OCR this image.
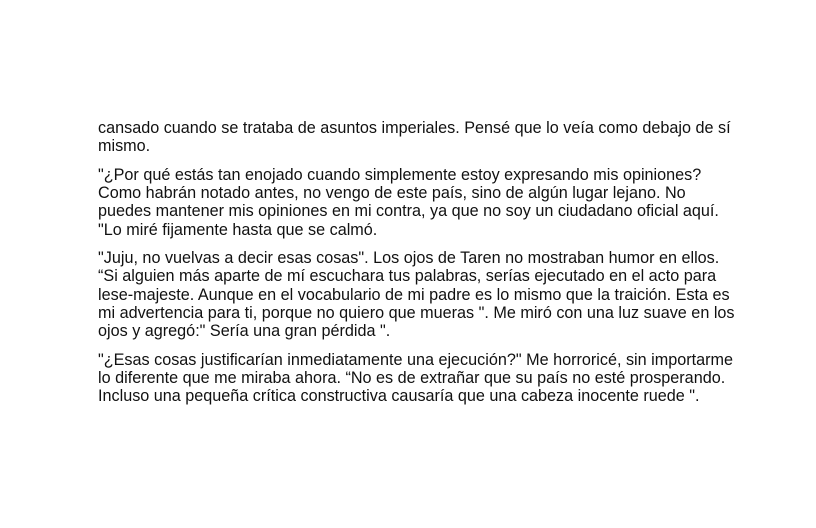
cansado cuando se trataba de asuntos imperiales. Pensé que lo veía como debajo de sí
mismo.

"¿Por qué estás tan enojado cuando simplemente estoy expresando mis opiniones?
Como habrán notado antes, no vengo de este país, sino de algún lugar lejano. No
puedes mantener mis opiniones en mi contra, ya que no soy un ciudadano oficial aquí.
"Lo miré fijamente hasta que se calmó.

"Juju, no vuelvas a decir esas cosas". Los ojos de Taren no mostraban humor en ellos.
“Si alguien más aparte de mí escuchara tus palabras, serías ejecutado en el acto para
lese-majeste. Aunque en el vocabulario de mi padre es lo mismo que la traición. Esta es
mi advertencia para ti, porque no quiero que mueras ". Me miró con una luz suave en los
ojos y agregó:" Sería una gran pérdida ".

"¿Esas cosas justificarían inmediatamente una ejecución?" Me horroricé, sin importarme
lo diferente que me miraba ahora. “No es de extrañar que su país no esté prosperando.
Incluso una pequeña crítica constructiva causaría que una cabeza inocente ruede ".
